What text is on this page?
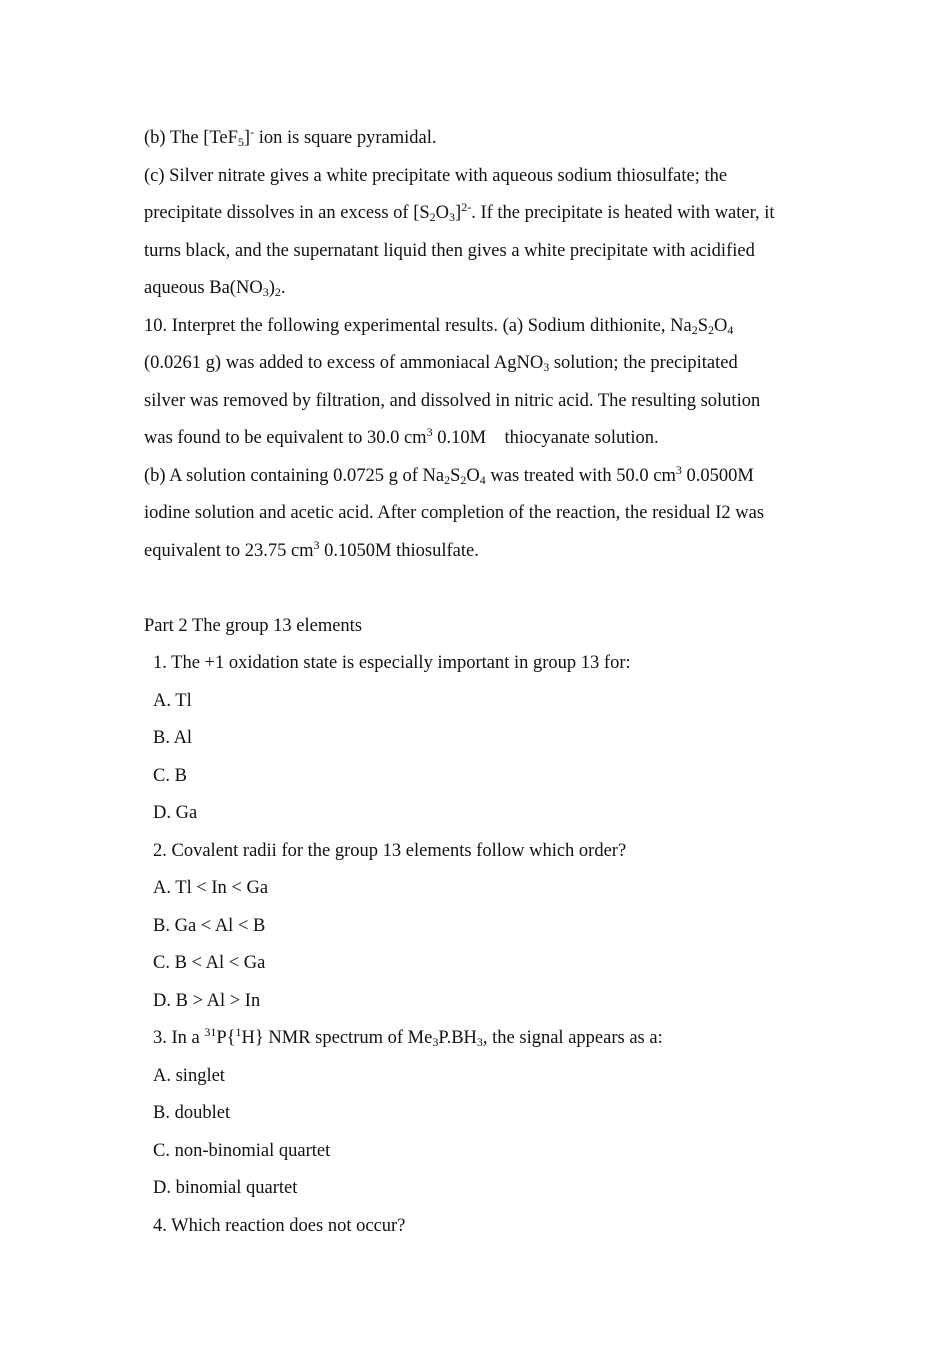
(b) The [TeF$_5$]- ion is square pyramidal.
(c) Silver nitrate gives a white precipitate with aqueous sodium thiosulfate; the
precipitate dissolves in an excess of $[S_2O_3]^{2-}$. If the precipitate is heated with water, it
turns black, and the supernatant liquid then gives a white precipitate with acidified
aqueous $Ba(NO_3)_2$.
10. Interpret the following experimental results. (a) Sodium dithionite, $Na_2S_2O_4$
(0.0261 g) was added to excess of ammoniacal AgNO$_3$ solution; the precipitated
silver was removed by filtration, and dissolved in nitric acid. The resulting solution
was found to be equivalent to 30.0 $cm^3$ 0.10M    thiocyanate solution.
(b) A solution containing 0.0725 g of $Na_2S_2O_4$ was treated with 50.0 $cm^3$ 0.0500M
iodine solution and acetic acid. After completion of the reaction, the residual I2 was
equivalent to 23.75 $cm^3$ 0.1050M thiosulfate.
Part 2 The group 13 elements
1. The +1 oxidation state is especially important in group 13 for:
A. Tl
B. Al
C. B
D. Ga
2. Covalent radii for the group 13 elements follow which order?
A. Tl < In < Ga
B. Ga < Al < B
C. B < Al < Ga
D. B > Al > In
3. In a $^{31}$P{$^1$H} NMR spectrum of $Me_3P.BH_3$, the signal appears as a:
A. singlet
B. doublet
C. non-binomial quartet
D. binomial quartet
4. Which reaction does not occur?
